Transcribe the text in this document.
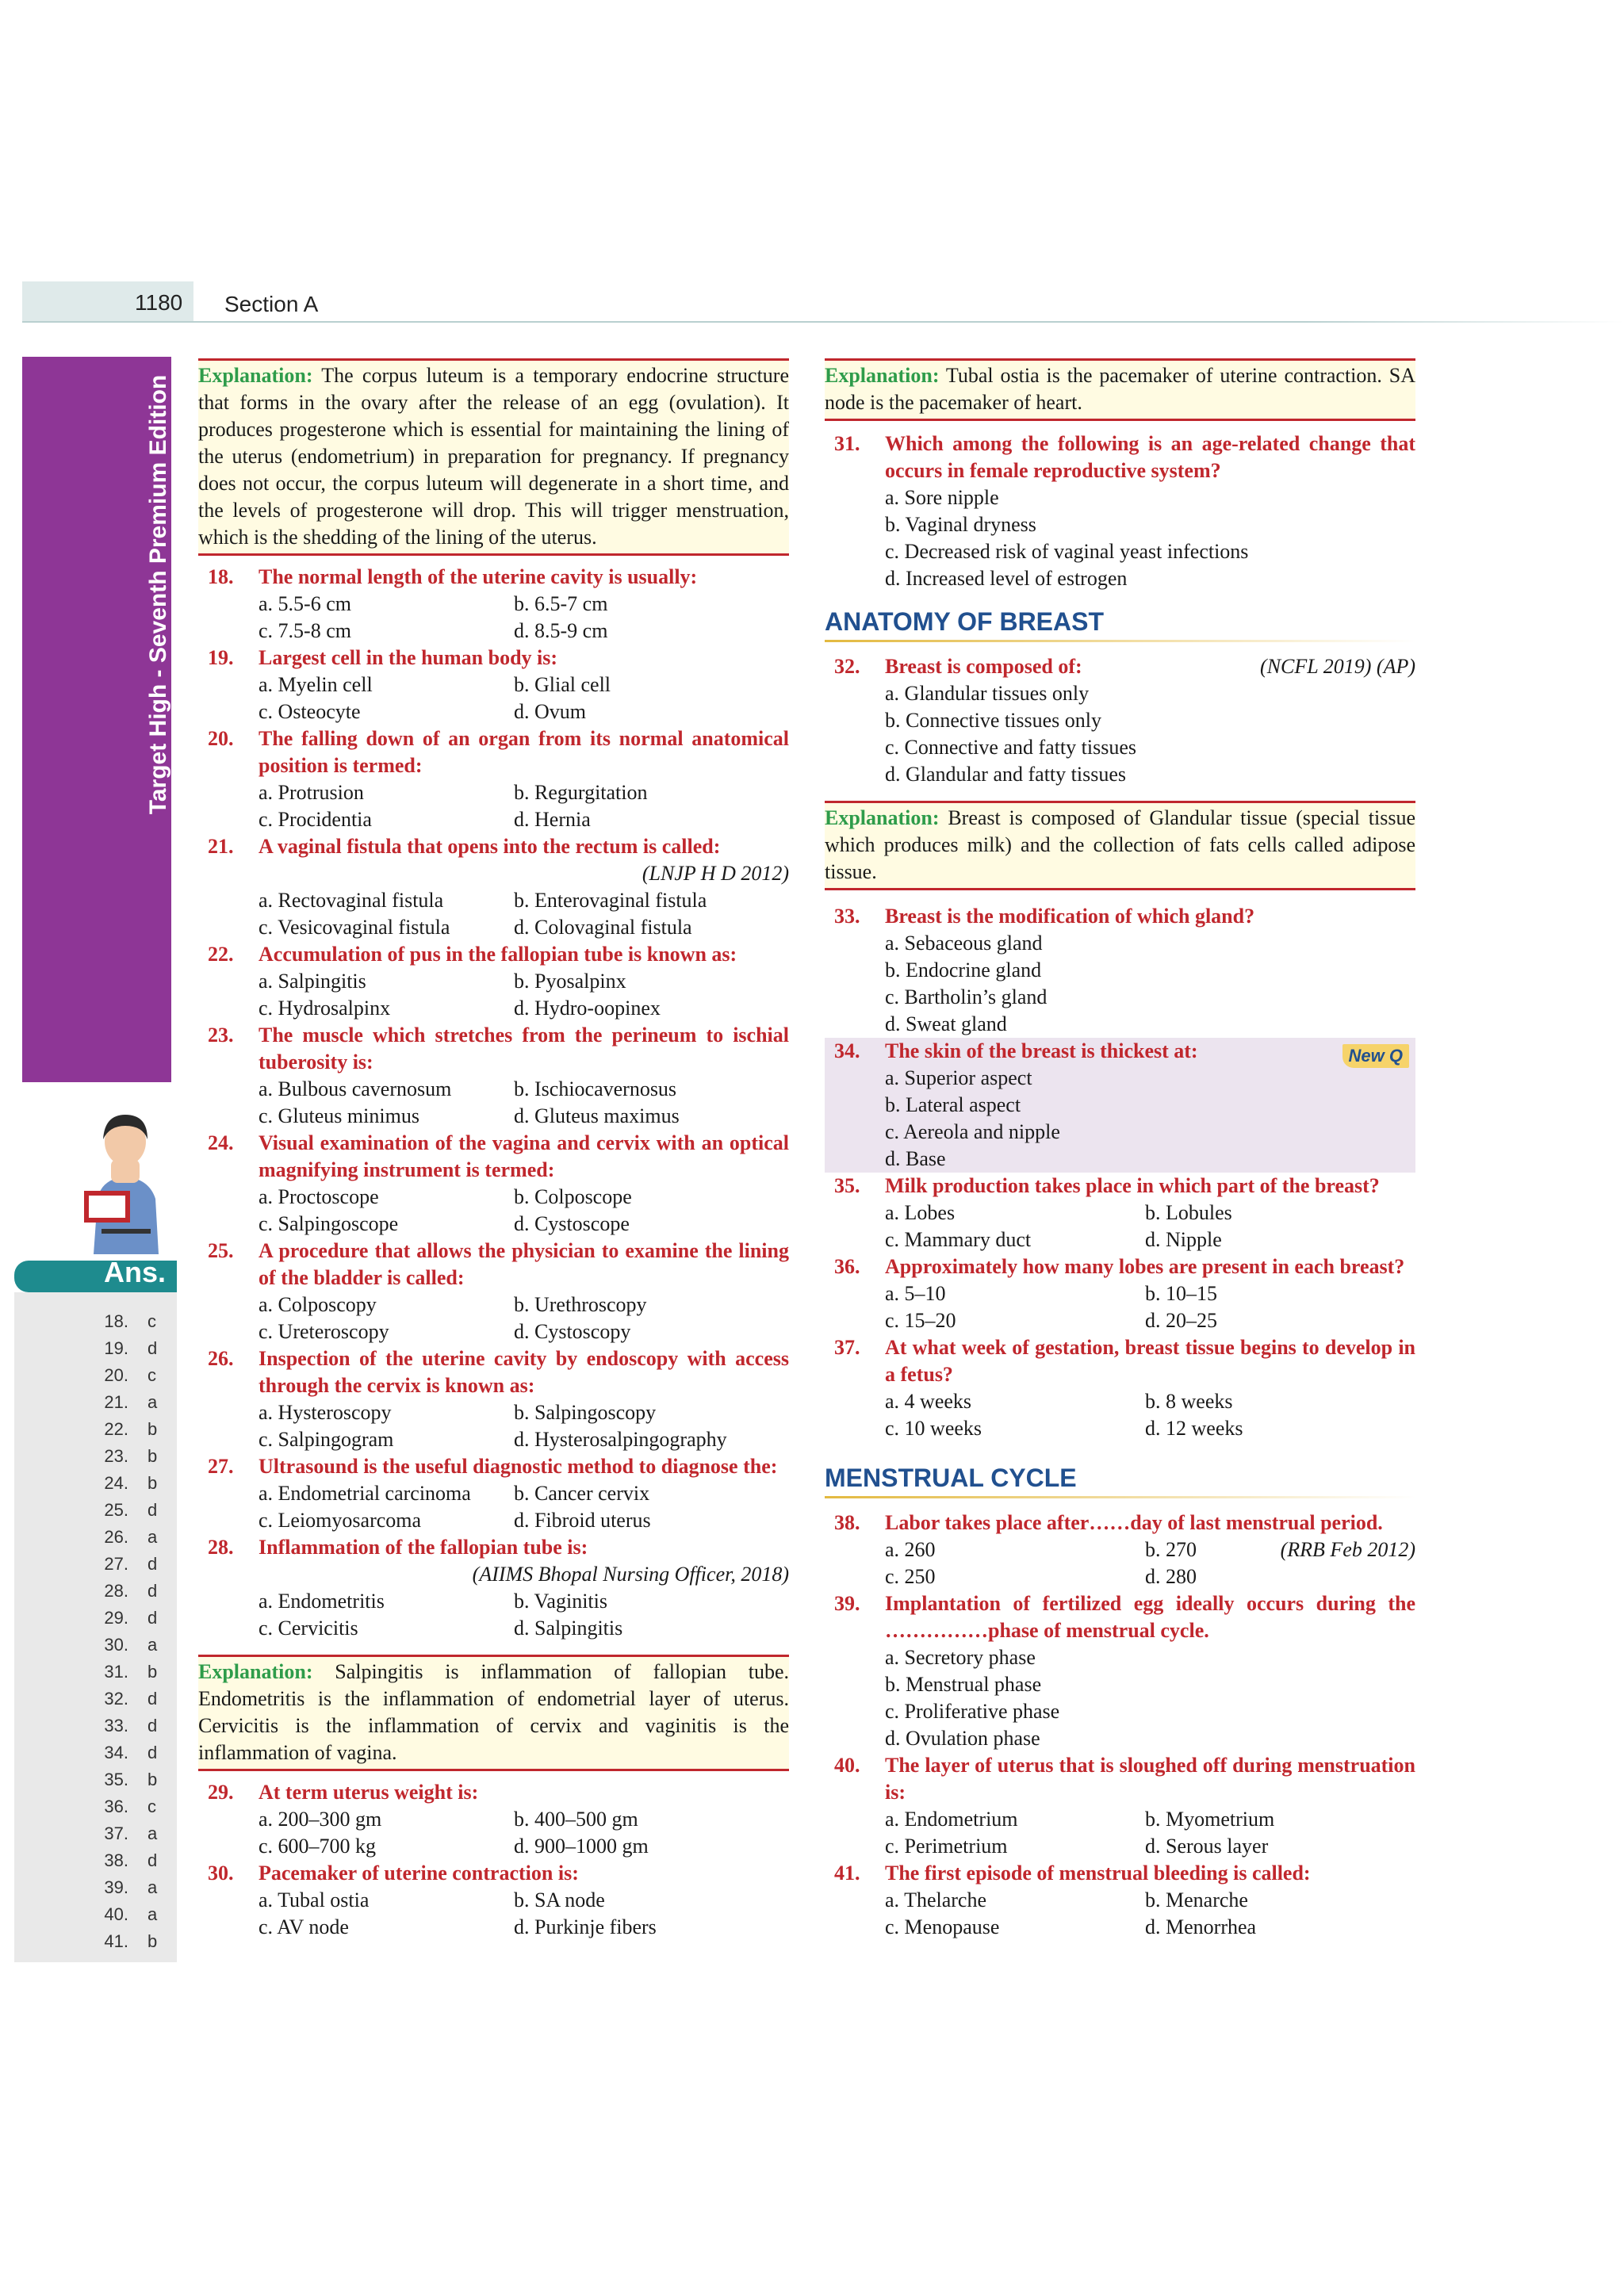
1180 Section A
Target High - Seventh Premium Edition
Ans.
18. c
19. d
20. c
21. a
22. b
23. b
24. b
25. d
26. a
27. d
28. d
29. d
30. a
31. b
32. d
33. d
34. d
35. b
36. c
37. a
38. d
39. a
40. a
41. b
Explanation: The corpus luteum is a temporary endocrine structure that forms in the ovary after the release of an egg (ovulation). It produces progesterone which is essential for maintaining the lining of the uterus (endometrium) in preparation for pregnancy. If pregnancy does not occur, the corpus luteum will degenerate in a short time, and the levels of progesterone will drop. This will trigger menstruation, which is the shedding of the lining of the uterus.
18. The normal length of the uterine cavity is usually:
a. 5.5-6 cm	b. 6.5-7 cm
c. 7.5-8 cm	d. 8.5-9 cm
19. Largest cell in the human body is:
a. Myelin cell	b. Glial cell
c. Osteocyte	d. Ovum
20. The falling down of an organ from its normal anatomical position is termed:
a. Protrusion	b. Regurgitation
c. Procidentia	d. Hernia
21. A vaginal fistula that opens into the rectum is called:
(LNJP H D 2012)
a. Rectovaginal fistula	b. Enterovaginal fistula
c. Vesicovaginal fistula	d. Colovaginal fistula
22. Accumulation of pus in the fallopian tube is known as:
a. Salpingitis	b. Pyosalpinx
c. Hydrosalpinx	d. Hydro-oopinex
23. The muscle which stretches from the perineum to ischial tuberosity is:
a. Bulbous cavernosum	b. Ischiocavernosus
c. Gluteus minimus	d. Gluteus maximus
24. Visual examination of the vagina and cervix with an optical magnifying instrument is termed:
a. Proctoscope	b. Colposcope
c. Salpingoscope	d. Cystoscope
25. A procedure that allows the physician to examine the lining of the bladder is called:
a. Colposcopy	b. Urethroscopy
c. Ureteroscopy	d. Cystoscopy
26. Inspection of the uterine cavity by endoscopy with access through the cervix is known as:
a. Hysteroscopy	b. Salpingoscopy
c. Salpingogram	d. Hysterosalpingography
27. Ultrasound is the useful diagnostic method to diagnose the:
a. Endometrial carcinoma b. Cancer cervix
c. Leiomyosarcoma	d. Fibroid uterus
28. Inflammation of the fallopian tube is:
(AIIMS Bhopal Nursing Officer, 2018)
a. Endometritis	b. Vaginitis
c. Cervicitis	d. Salpingitis
Explanation: Salpingitis is inflammation of fallopian tube. Endometritis is the inflammation of endometrial layer of uterus. Cervicitis is the inflammation of cervix and vaginitis is the inflammation of vagina.
29. At term uterus weight is:
a. 200–300 gm	b. 400–500 gm
c. 600–700 kg	d. 900–1000 gm
30. Pacemaker of uterine contraction is:
a. Tubal ostia	b. SA node
c. AV node	d. Purkinje fibers
Explanation: Tubal ostia is the pacemaker of uterine contraction. SA node is the pacemaker of heart.
31. Which among the following is an age-related change that occurs in female reproductive system?
a. Sore nipple
b. Vaginal dryness
c. Decreased risk of vaginal yeast infections
d. Increased level of estrogen
ANATOMY OF BREAST
32. Breast is composed of:	(NCFL 2019) (AP)
a. Glandular tissues only
b. Connective tissues only
c. Connective and fatty tissues
d. Glandular and fatty tissues
Explanation: Breast is composed of Glandular tissue (special tissue which produces milk) and the collection of fats cells called adipose tissue.
33. Breast is the modification of which gland?
a. Sebaceous gland
b. Endocrine gland
c. Bartholin’s gland
d. Sweat gland
New Q
34. The skin of the breast is thickest at:
a. Superior aspect
b. Lateral aspect
c. Aereola and nipple
d. Base
35. Milk production takes place in which part of the breast?
a. Lobes	b. Lobules
c. Mammary duct	d. Nipple
36. Approximately how many lobes are present in each breast?
a. 5–10	b. 10–15
c. 15–20	d. 20–25
37. At what week of gestation, breast tissue begins to develop in a fetus?
a. 4 weeks	b. 8 weeks
c. 10 weeks	d. 12 weeks
MENSTRUAL CYCLE
38. Labor takes place after……day of last menstrual period.
a. 260	b. 270	(RRB Feb 2012)
c. 250	d. 280
39. Implantation of fertilized egg ideally occurs during the ……………phase of menstrual cycle.
a. Secretory phase
b. Menstrual phase
c. Proliferative phase
d. Ovulation phase
40. The layer of uterus that is sloughed off during menstruation is:
a. Endometrium	b. Myometrium
c. Perimetrium	d. Serous layer
41. The first episode of menstrual bleeding is called:
a. Thelarche	b. Menarche
c. Menopause	d. Menorrhea
